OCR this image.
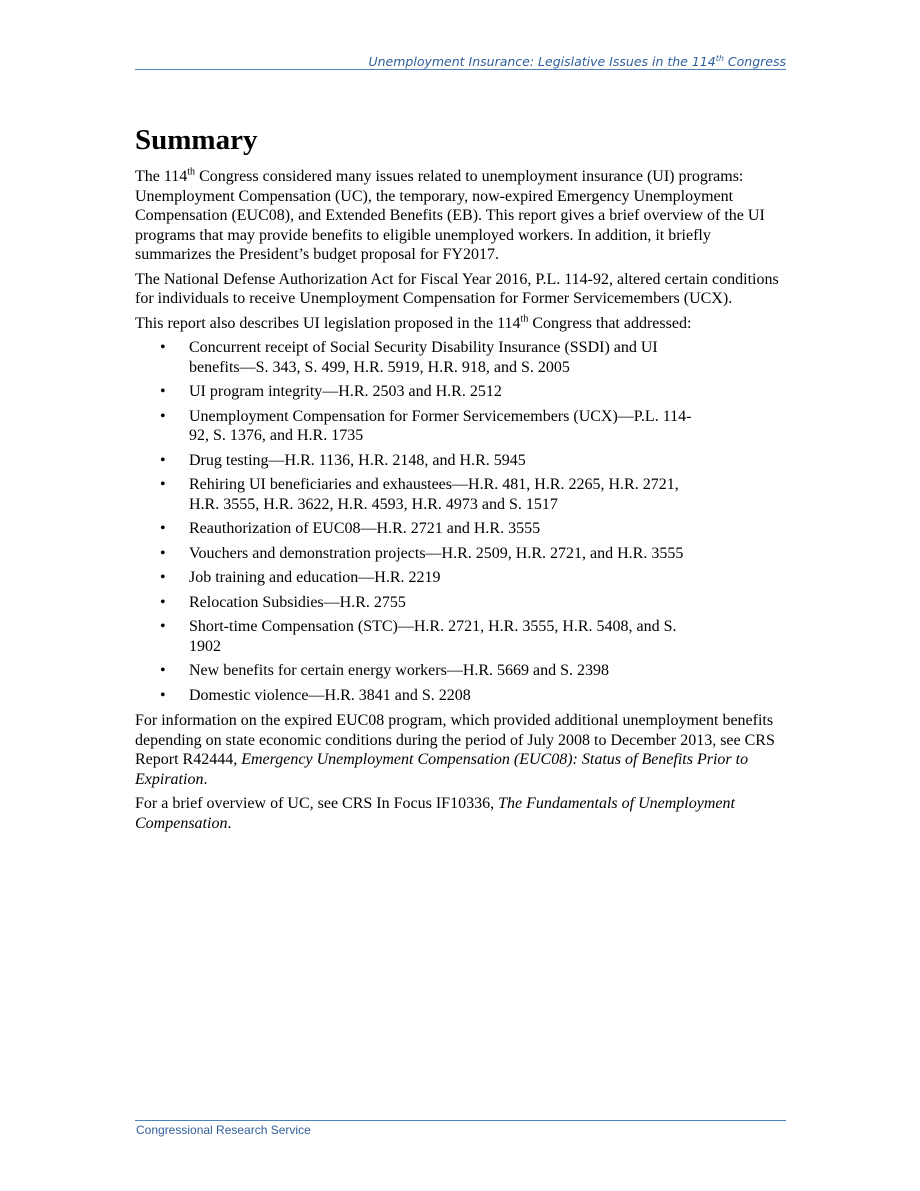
Unemployment Insurance: Legislative Issues in the 114th Congress
Summary

The 114th Congress considered many issues related to unemployment insurance (UI) programs: Unemployment Compensation (UC), the temporary, now-expired Emergency Unemployment Compensation (EUC08), and Extended Benefits (EB). This report gives a brief overview of the UI programs that may provide benefits to eligible unemployed workers. In addition, it briefly summarizes the President’s budget proposal for FY2017.

The National Defense Authorization Act for Fiscal Year 2016, P.L. 114-92, altered certain conditions for individuals to receive Unemployment Compensation for Former Servicemembers (UCX).

This report also describes UI legislation proposed in the 114th Congress that addressed:

• Concurrent receipt of Social Security Disability Insurance (SSDI) and UI benefits—S. 343, S. 499, H.R. 5919, H.R. 918, and S. 2005
• UI program integrity—H.R. 2503 and H.R. 2512
• Unemployment Compensation for Former Servicemembers (UCX)—P.L. 114-92, S. 1376, and H.R. 1735
• Drug testing—H.R. 1136, H.R. 2148, and H.R. 5945
• Rehiring UI beneficiaries and exhaustees—H.R. 481, H.R. 2265, H.R. 2721, H.R. 3555, H.R. 3622, H.R. 4593, H.R. 4973 and S. 1517
• Reauthorization of EUC08—H.R. 2721 and H.R. 3555
• Vouchers and demonstration projects—H.R. 2509, H.R. 2721, and H.R. 3555
• Job training and education—H.R. 2219
• Relocation Subsidies—H.R. 2755
• Short-time Compensation (STC)—H.R. 2721, H.R. 3555, H.R. 5408, and S. 1902
• New benefits for certain energy workers—H.R. 5669 and S. 2398
• Domestic violence—H.R. 3841 and S. 2208

For information on the expired EUC08 program, which provided additional unemployment benefits depending on state economic conditions during the period of July 2008 to December 2013, see CRS Report R42444, Emergency Unemployment Compensation (EUC08): Status of Benefits Prior to Expiration.

For a brief overview of UC, see CRS In Focus IF10336, The Fundamentals of Unemployment Compensation.

Congressional Research Service
